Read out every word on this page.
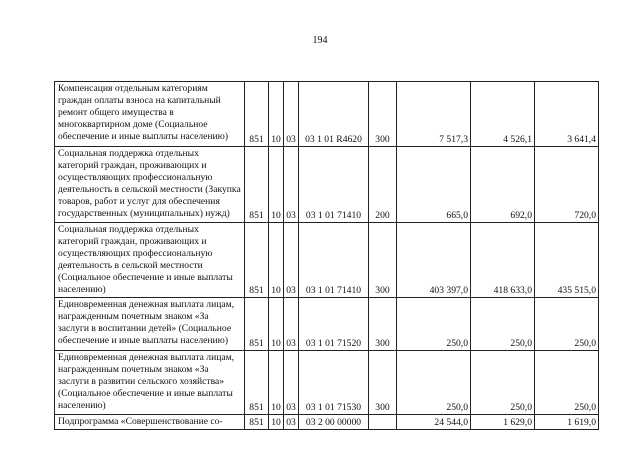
194
Компенсация отдельным категориям граждан оплаты взноса на капитальный ремонт общего имущества в многоквартирном доме (Социальное обеспечение и иные выплаты населению)	851	10	03	03 1 01 R4620	300	7 517,3	4 526,1	3 641,4
Социальная поддержка отдельных категорий граждан, проживающих и осуществляющих профессиональную деятельность в сельской местности (Закупка товаров, работ и услуг для обеспечения государственных (муниципальных) нужд)	851	10	03	03 1 01 71410	200	665,0	692,0	720,0
Социальная поддержка отдельных категорий граждан, проживающих и осуществляющих профессиональную деятельность в сельской местности (Социальное обеспечение и иные выплаты населению)	851	10	03	03 1 01 71410	300	403 397,0	418 633,0	435 515,0
Единовременная денежная выплата лицам, награжденным почетным знаком «За заслуги в воспитании детей» (Социальное обеспечение и иные выплаты населению)	851	10	03	03 1 01 71520	300	250,0	250,0	250,0
Единовременная денежная выплата лицам, награжденным почетным знаком «За заслуги в развитии сельского хозяйства» (Социальное обеспечение и иные выплаты населению)	851	10	03	03 1 01 71530	300	250,0	250,0	250,0
Подпрограмма «Совершенствование со-	851	10	03	03 2 00 00000		24 544,0	1 629,0	1 619,0
